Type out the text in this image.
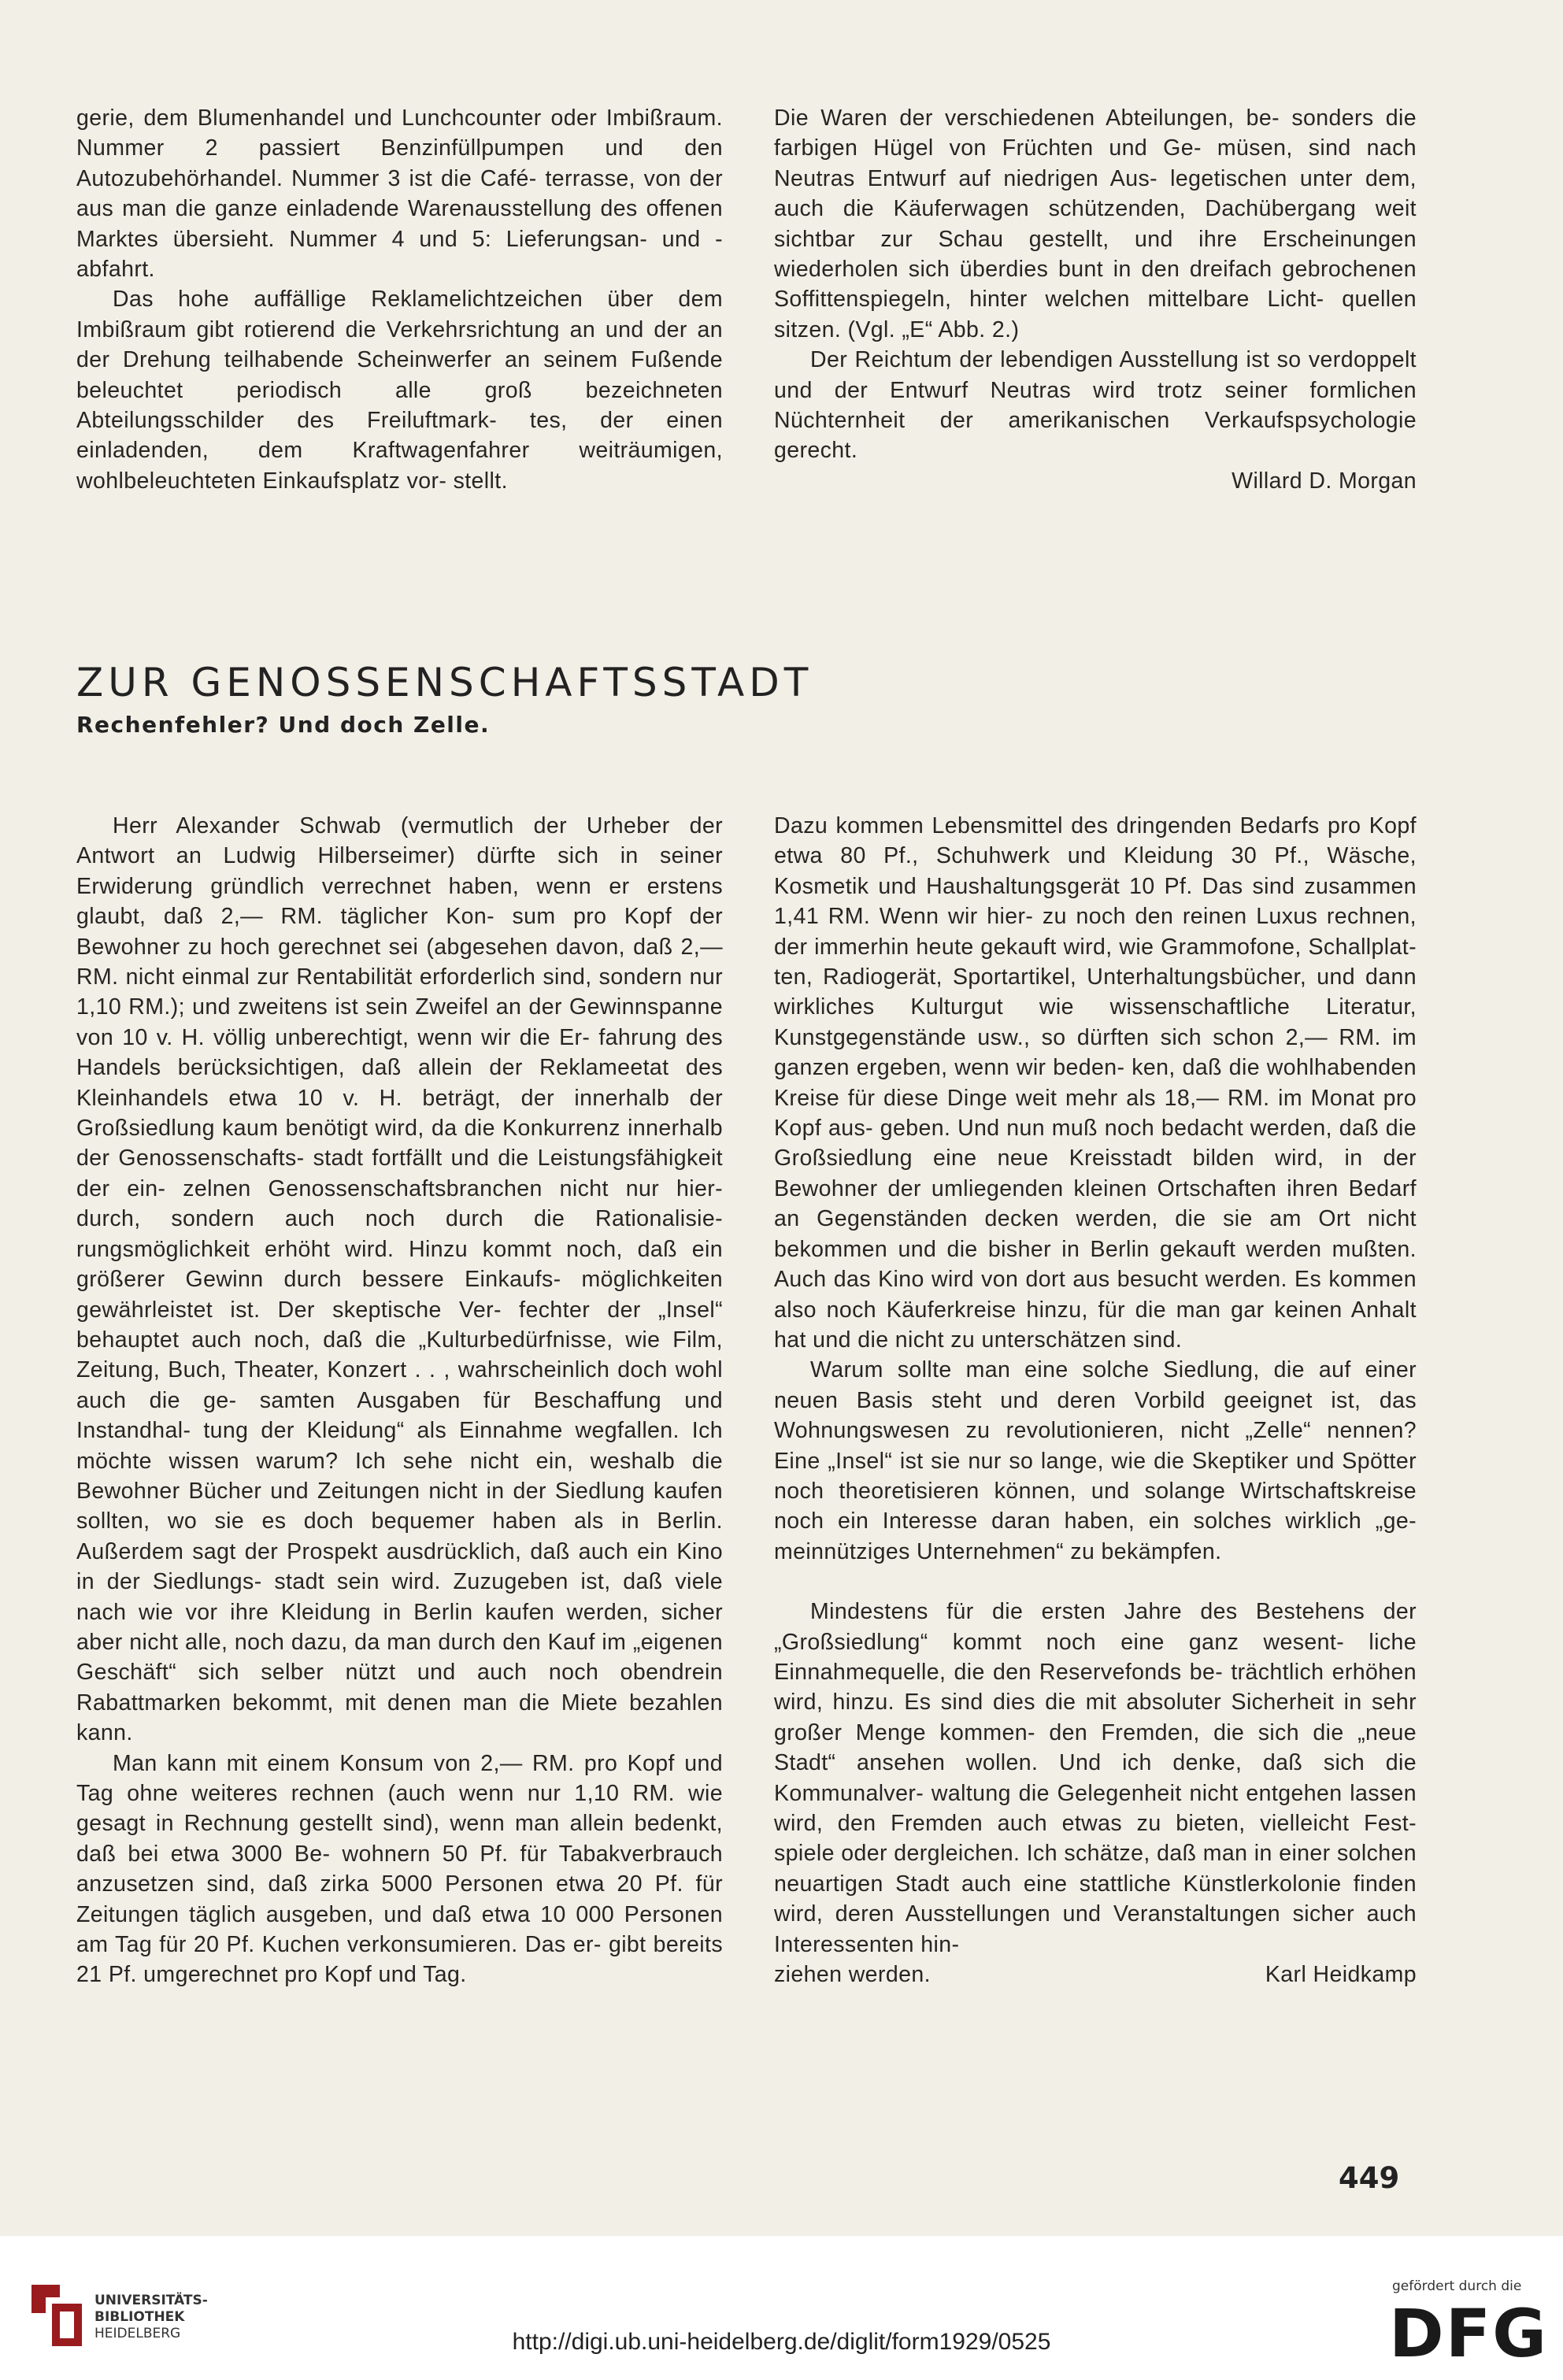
gerie, dem Blumenhandel und Lunchcounter oder Imbißraum. Nummer 2 passiert Benzinfüllpumpen und den Autozubehörhandel. Nummer 3 ist die Café- terrasse, von der aus man die ganze einladende Warenausstellung des offenen Marktes übersieht. Nummer 4 und 5: Lieferungsan- und -abfahrt.

Das hohe auffällige Reklamelichtzeichen über dem Imbißraum gibt rotierend die Verkehrsrichtung an und der an der Drehung teilhabende Scheinwerfer an seinem Fußende beleuchtet periodisch alle groß bezeichneten Abteilungsschilder des Freiluftmark- tes, der einen einladenden, dem Kraftwagenfahrer weiträumigen, wohlbeleuchteten Einkaufsplatz vor- stellt.

Die Waren der verschiedenen Abteilungen, be- sonders die farbigen Hügel von Früchten und Ge- müsen, sind nach Neutras Entwurf auf niedrigen Aus- legetischen unter dem, auch die Käuferwagen schützenden, Dachübergang weit sichtbar zur Schau gestellt, und ihre Erscheinungen wiederholen sich überdies bunt in den dreifach gebrochenen Soffittenspiegeln, hinter welchen mittelbare Licht- quellen sitzen. (Vgl. „E“ Abb. 2.)

Der Reichtum der lebendigen Ausstellung ist so verdoppelt und der Entwurf Neutras wird trotz seiner formlichen Nüchternheit der amerikanischen Verkaufspsychologie gerecht.

Willard D. Morgan
ZUR GENOSSENSCHAFTSSTADT
Rechenfehler? Und doch Zelle.

Herr Alexander Schwab (vermutlich der Urheber der Antwort an Ludwig Hilberseimer) dürfte sich in seiner Erwiderung gründlich verrechnet haben, wenn er erstens glaubt, daß 2,— RM. täglicher Kon- sum pro Kopf der Bewohner zu hoch gerechnet sei (abgesehen davon, daß 2,— RM. nicht einmal zur Rentabilität erforderlich sind, sondern nur 1,10 RM.); und zweitens ist sein Zweifel an der Gewinnspanne von 10 v. H. völlig unberechtigt, wenn wir die Er- fahrung des Handels berücksichtigen, daß allein der Reklameetat des Kleinhandels etwa 10 v. H. beträgt, der innerhalb der Großsiedlung kaum benötigt wird, da die Konkurrenz innerhalb der Genossenschafts- stadt fortfällt und die Leistungsfähigkeit der ein- zelnen Genossenschaftsbranchen nicht nur hier- durch, sondern auch noch durch die Rationalisie- rungsmöglichkeit erhöht wird. Hinzu kommt noch, daß ein größerer Gewinn durch bessere Einkaufs- möglichkeiten gewährleistet ist. Der skeptische Ver- fechter der „Insel“ behauptet auch noch, daß die „Kulturbedürfnisse, wie Film, Zeitung, Buch, Theater, Konzert . . , wahrscheinlich doch wohl auch die ge- samten Ausgaben für Beschaffung und Instandhal- tung der Kleidung“ als Einnahme wegfallen. Ich möchte wissen warum? Ich sehe nicht ein, weshalb die Bewohner Bücher und Zeitungen nicht in der Siedlung kaufen sollten, wo sie es doch bequemer haben als in Berlin. Außerdem sagt der Prospekt ausdrücklich, daß auch ein Kino in der Siedlungs- stadt sein wird. Zuzugeben ist, daß viele nach wie vor ihre Kleidung in Berlin kaufen werden, sicher aber nicht alle, noch dazu, da man durch den Kauf im „eigenen Geschäft“ sich selber nützt und auch noch obendrein Rabattmarken bekommt, mit denen man die Miete bezahlen kann.

Man kann mit einem Konsum von 2,— RM. pro Kopf und Tag ohne weiteres rechnen (auch wenn nur 1,10 RM. wie gesagt in Rechnung gestellt sind), wenn man allein bedenkt, daß bei etwa 3000 Be- wohnern 50 Pf. für Tabakverbrauch anzusetzen sind, daß zirka 5000 Personen etwa 20 Pf. für Zeitungen täglich ausgeben, und daß etwa 10 000 Personen am Tag für 20 Pf. Kuchen verkonsumieren. Das er- gibt bereits 21 Pf. umgerechnet pro Kopf und Tag.

Dazu kommen Lebensmittel des dringenden Bedarfs pro Kopf etwa 80 Pf., Schuhwerk und Kleidung 30 Pf., Wäsche, Kosmetik und Haushaltungsgerät 10 Pf. Das sind zusammen 1,41 RM. Wenn wir hier- zu noch den reinen Luxus rechnen, der immerhin heute gekauft wird, wie Grammofone, Schallplat- ten, Radiogerät, Sportartikel, Unterhaltungsbücher, und dann wirkliches Kulturgut wie wissenschaftliche Literatur, Kunstgegenstände usw., so dürften sich schon 2,— RM. im ganzen ergeben, wenn wir beden- ken, daß die wohlhabenden Kreise für diese Dinge weit mehr als 18,— RM. im Monat pro Kopf aus- geben. Und nun muß noch bedacht werden, daß die Großsiedlung eine neue Kreisstadt bilden wird, in der Bewohner der umliegenden kleinen Ortschaften ihren Bedarf an Gegenständen decken werden, die sie am Ort nicht bekommen und die bisher in Berlin gekauft werden mußten. Auch das Kino wird von dort aus besucht werden. Es kommen also noch Käuferkreise hinzu, für die man gar keinen Anhalt hat und die nicht zu unterschätzen sind.

Warum sollte man eine solche Siedlung, die auf einer neuen Basis steht und deren Vorbild geeignet ist, das Wohnungswesen zu revolutionieren, nicht „Zelle“ nennen? Eine „Insel“ ist sie nur so lange, wie die Skeptiker und Spötter noch theoretisieren können, und solange Wirtschaftskreise noch ein Interesse daran haben, ein solches wirklich „ge- meinnütziges Unternehmen“ zu bekämpfen.

Mindestens für die ersten Jahre des Bestehens der „Großsiedlung“ kommt noch eine ganz wesent- liche Einnahmequelle, die den Reservefonds be- trächtlich erhöhen wird, hinzu. Es sind dies die mit absoluter Sicherheit in sehr großer Menge kommen- den Fremden, die sich die „neue Stadt“ ansehen wollen. Und ich denke, daß sich die Kommunalver- waltung die Gelegenheit nicht entgehen lassen wird, den Fremden auch etwas zu bieten, vielleicht Fest- spiele oder dergleichen. Ich schätze, daß man in einer solchen neuartigen Stadt auch eine stattliche Künstlerkolonie finden wird, deren Ausstellungen und Veranstaltungen sicher auch Interessenten hin-

ziehen werden.	Karl Heidkamp
449
UNIVERSITÄTS-
BIBLIOTHEK
HEIDELBERG	http://digi.ub.uni-heidelberg.de/diglit/form1929/0525
gefördert durch die
DFG
